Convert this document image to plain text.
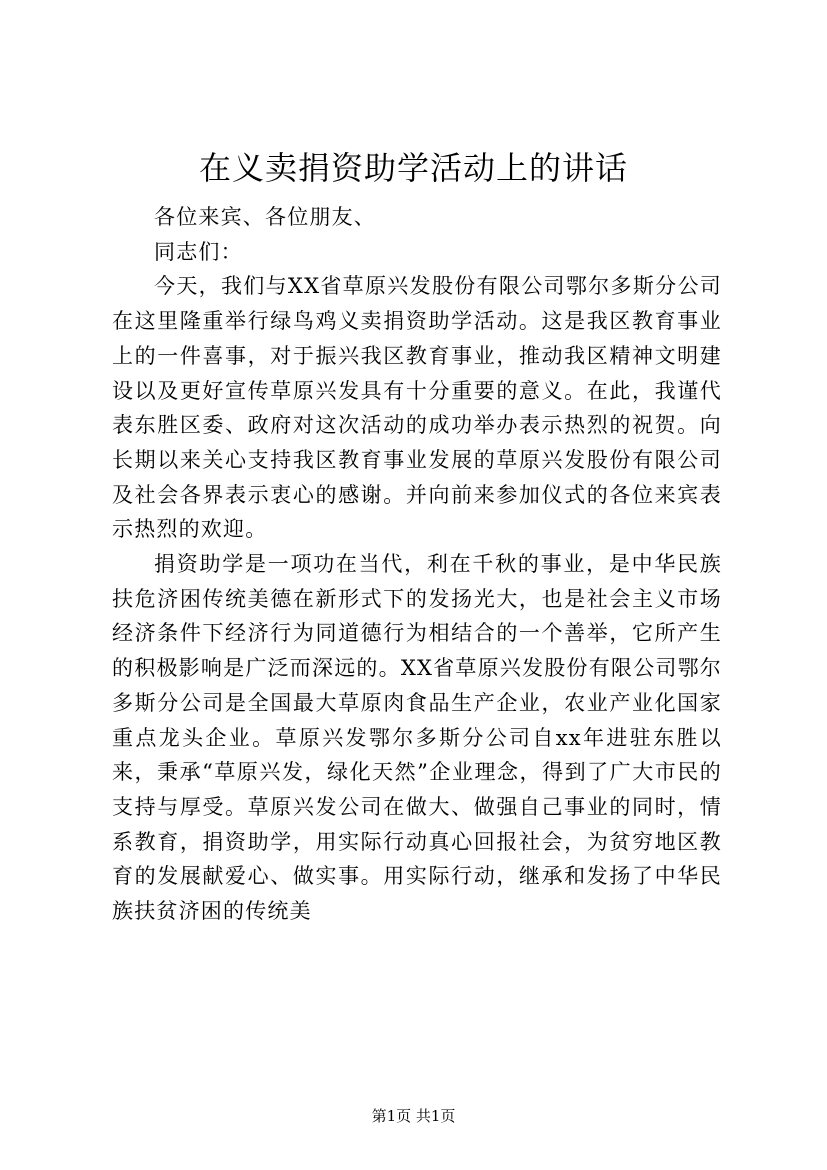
在义卖捐资助学活动上的讲话

各位来宾、各位朋友、

同志们：

今天，我们与XX省草原兴发股份有限公司鄂尔多斯分公司在这里隆重举行绿鸟鸡义卖捐资助学活动。这是我区教育事业上的一件喜事，对于振兴我区教育事业，推动我区精神文明建设以及更好宣传草原兴发具有十分重要的意义。在此，我谨代表东胜区委、政府对这次活动的成功举办表示热烈的祝贺。向长期以来关心支持我区教育事业发展的草原兴发股份有限公司及社会各界表示衷心的感谢。并向前来参加仪式的各位来宾表示热烈的欢迎。

捐资助学是一项功在当代，利在千秋的事业，是中华民族扶危济困传统美德在新形式下的发扬光大，也是社会主义市场经济条件下经济行为同道德行为相结合的一个善举，它所产生的积极影响是广泛而深远的。XX省草原兴发股份有限公司鄂尔多斯分公司是全国最大草原肉食品生产企业，农业产业化国家重点龙头企业。草原兴发鄂尔多斯分公司自xx年进驻东胜以来，秉承“草原兴发，绿化天然”企业理念，得到了广大市民的支持与厚受。草原兴发公司在做大、做强自己事业的同时，情系教育，捐资助学，用实际行动真心回报社会，为贫穷地区教育的发展献爱心、做实事。用实际行动，继承和发扬了中华民族扶贫济困的传统美

第1页 共1页
